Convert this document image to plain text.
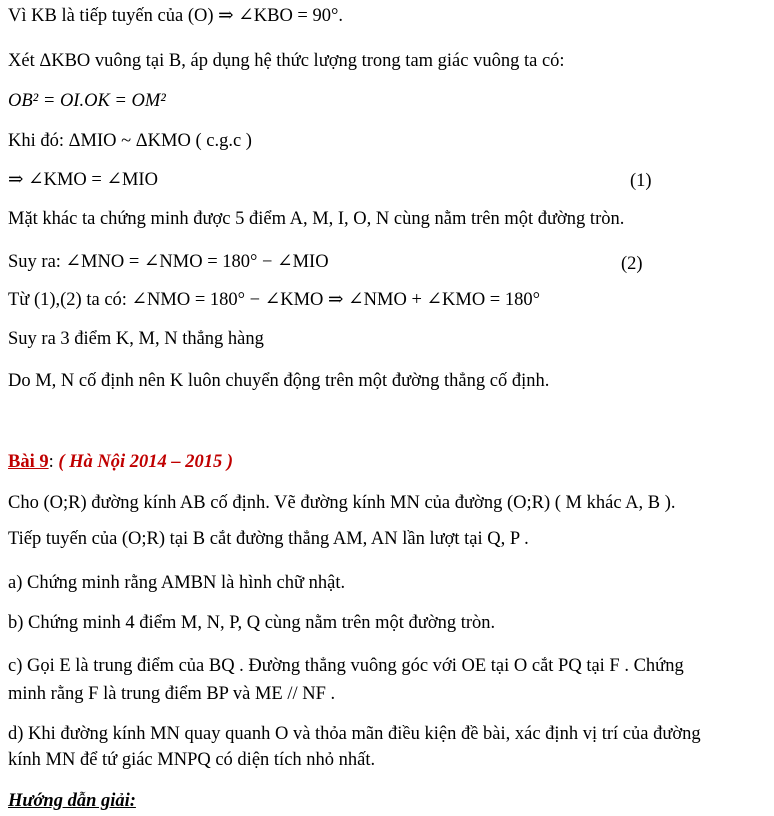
Vì KB là tiếp tuyến của (O) ⇒ ∠KBO = 90°.
Xét ΔKBO vuông tại B, áp dụng hệ thức lượng trong tam giác vuông ta có:
OB² = OI.OK = OM²
Khi đó: ΔMIO ~ ΔKMO ( c.g.c )
⇒ ∠KMO = ∠MIO	(1)
Mặt khác ta chứng minh được 5 điểm A, M, I, O, N cùng nằm trên một đường tròn.
Suy ra: ∠MNO = ∠NMO = 180° − ∠MIO	(2)
Từ (1),(2) ta có: ∠NMO = 180° − ∠KMO ⇒ ∠NMO + ∠KMO = 180°
Suy ra 3 điểm K, M, N thẳng hàng
Do M, N cố định nên K luôn chuyển động trên một đường thẳng cố định.
Bài 9: ( Hà Nội 2014 – 2015 )
Cho (O;R) đường kính AB cố định. Vẽ đường kính MN của đường (O;R) ( M khác A, B ).
Tiếp tuyến của (O;R) tại B cắt đường thẳng AM, AN lần lượt tại Q, P .
a) Chứng minh rằng AMBN là hình chữ nhật.
b) Chứng minh 4 điểm M, N, P, Q cùng nằm trên một đường tròn.
c) Gọi E là trung điểm của BQ . Đường thẳng vuông góc với OE tại O cắt PQ tại F . Chứng
minh rằng F là trung điểm BP và ME // NF .
d) Khi đường kính MN quay quanh O và thỏa mãn điều kiện đề bài, xác định vị trí của đường
kính MN để tứ giác MNPQ có diện tích nhỏ nhất.
Hướng dẫn giải:
